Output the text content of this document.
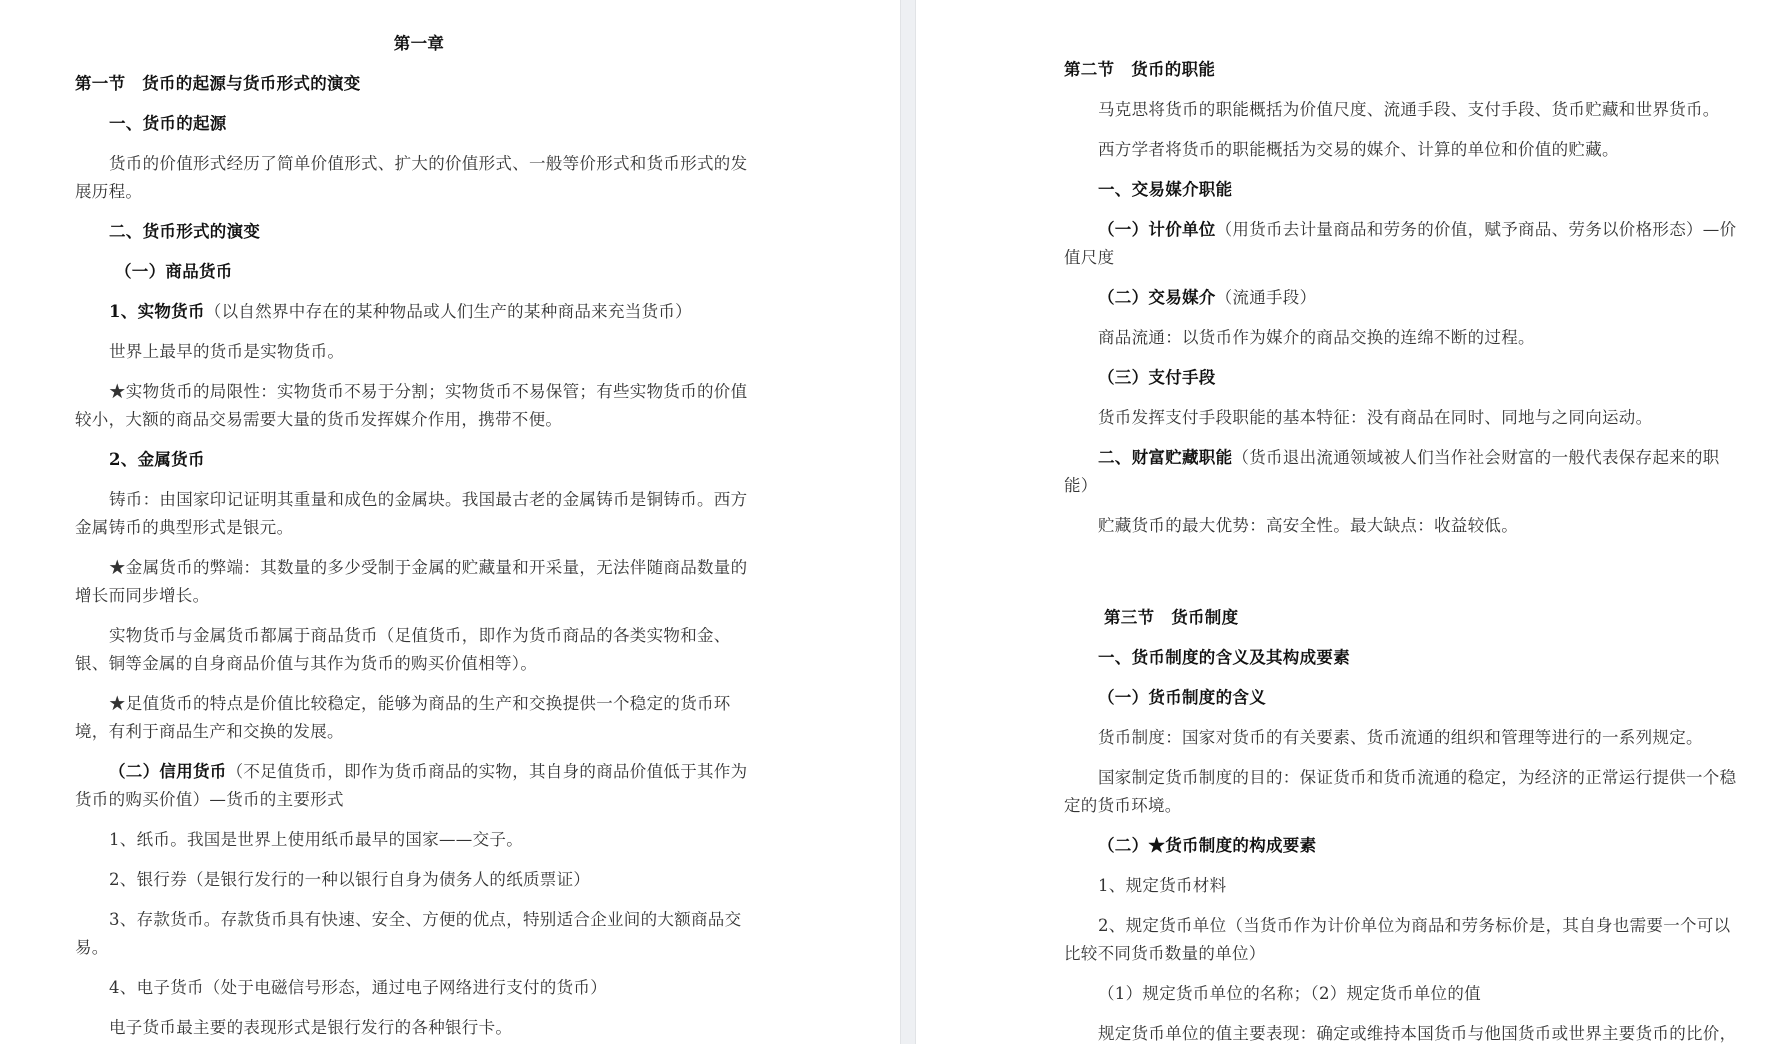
第一章

第一节　货币的起源与货币形式的演变

一、货币的起源

货币的价值形式经历了简单价值形式、扩大的价值形式、一般等价形式和货币形式的发展历程。

二、货币形式的演变

（一）商品货币

1、实物货币（以自然界中存在的某种物品或人们生产的某种商品来充当货币）

世界上最早的货币是实物货币。

★实物货币的局限性：实物货币不易于分割；实物货币不易保管；有些实物货币的价值较小，大额的商品交易需要大量的货币发挥媒介作用，携带不便。

2、金属货币

铸币：由国家印记证明其重量和成色的金属块。我国最古老的金属铸币是铜铸币。西方金属铸币的典型形式是银元。

★金属货币的弊端：其数量的多少受制于金属的贮藏量和开采量，无法伴随商品数量的增长而同步增长。

实物货币与金属货币都属于商品货币（足值货币，即作为货币商品的各类实物和金、银、铜等金属的自身商品价值与其作为货币的购买价值相等）。

★足值货币的特点是价值比较稳定，能够为商品的生产和交换提供一个稳定的货币环境，有利于商品生产和交换的发展。

（二）信用货币（不足值货币，即作为货币商品的实物，其自身的商品价值低于其作为货币的购买价值）—货币的主要形式

1、纸币。我国是世界上使用纸币最早的国家——交子。

2、银行券（是银行发行的一种以银行自身为债务人的纸质票证）

3、存款货币。存款货币具有快速、安全、方便的优点，特别适合企业间的大额商品交易。

4、电子货币（处于电磁信号形态，通过电子网络进行支付的货币）

电子货币最主要的表现形式是银行发行的各种银行卡。

第二节　货币的职能

马克思将货币的职能概括为价值尺度、流通手段、支付手段、货币贮藏和世界货币。

西方学者将货币的职能概括为交易的媒介、计算的单位和价值的贮藏。

一、交易媒介职能

（一）计价单位（用货币去计量商品和劳务的价值，赋予商品、劳务以价格形态）—价值尺度

（二）交易媒介（流通手段）

商品流通：以货币作为媒介的商品交换的连绵不断的过程。

（三）支付手段

货币发挥支付手段职能的基本特征：没有商品在同时、同地与之同向运动。

二、财富贮藏职能（货币退出流通领域被人们当作社会财富的一般代表保存起来的职能）

贮藏货币的最大优势：高安全性。最大缺点：收益较低。

第三节　货币制度

一、货币制度的含义及其构成要素

（一）货币制度的含义

货币制度：国家对货币的有关要素、货币流通的组织和管理等进行的一系列规定。

国家制定货币制度的目的：保证货币和货币流通的稳定，为经济的正常运行提供一个稳定的货币环境。

（二）★货币制度的构成要素

1、规定货币材料

2、规定货币单位（当货币作为计价单位为商品和劳务标价是，其自身也需要一个可以比较不同货币数量的单位）

（1）规定货币单位的名称；（2）规定货币单位的值

规定货币单位的值主要表现：确定或维持本国货币与他国货币或世界主要货币的比价，
